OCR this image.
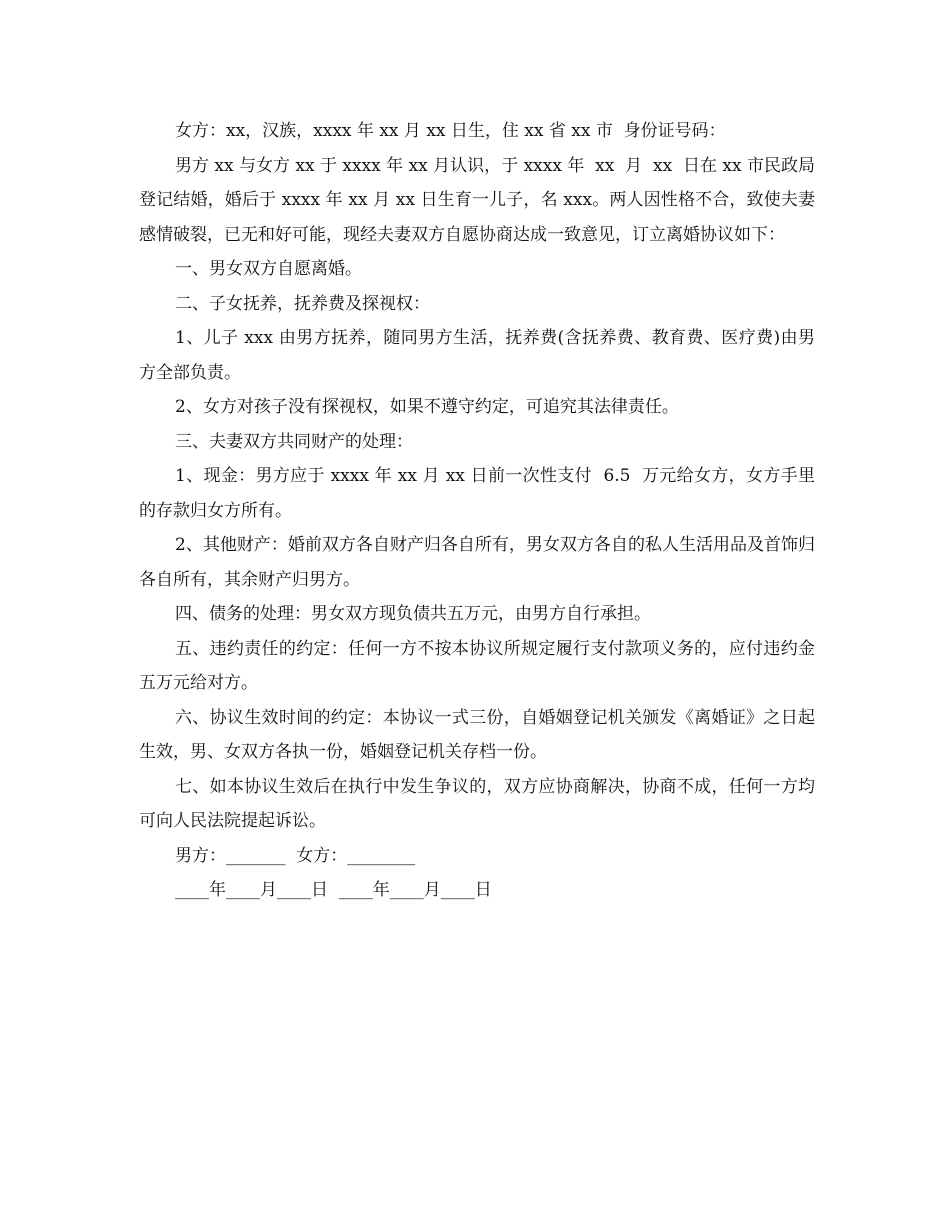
女方：xx，汉族，xxxx 年 xx 月 xx 日生，住 xx 省 xx 市  身份证号码：

男方 xx 与女方 xx 于 xxxx 年 xx 月认识，于 xxxx 年  xx  月  xx  日在 xx 市民政局登记结婚，婚后于 xxxx 年 xx 月 xx 日生育一儿子，名 xxx。两人因性格不合，致使夫妻感情破裂，已无和好可能，现经夫妻双方自愿协商达成一致意见，订立离婚协议如下：

一、男女双方自愿离婚。

二、子女抚养，抚养费及探视权：

1、儿子 xxx 由男方抚养，随同男方生活，抚养费(含抚养费、教育费、医疗费)由男方全部负责。

2、女方对孩子没有探视权，如果不遵守约定，可追究其法律责任。

三、夫妻双方共同财产的处理：

1、现金：男方应于 xxxx 年 xx 月 xx 日前一次性支付  6.5  万元给女方，女方手里的存款归女方所有。

2、其他财产：婚前双方各自财产归各自所有，男女双方各自的私人生活用品及首饰归各自所有，其余财产归男方。

四、债务的处理：男女双方现负债共五万元，由男方自行承担。

五、违约责任的约定：任何一方不按本协议所规定履行支付款项义务的，应付违约金五万元给对方。

六、协议生效时间的约定：本协议一式三份，自婚姻登记机关颁发《离婚证》之日起生效，男、女双方各执一份，婚姻登记机关存档一份。

七、如本协议生效后在执行中发生争议的，双方应协商解决，协商不成，任何一方均可向人民法院提起诉讼。

男方：_______  女方：________

____年____月____日  ____年____月____日
